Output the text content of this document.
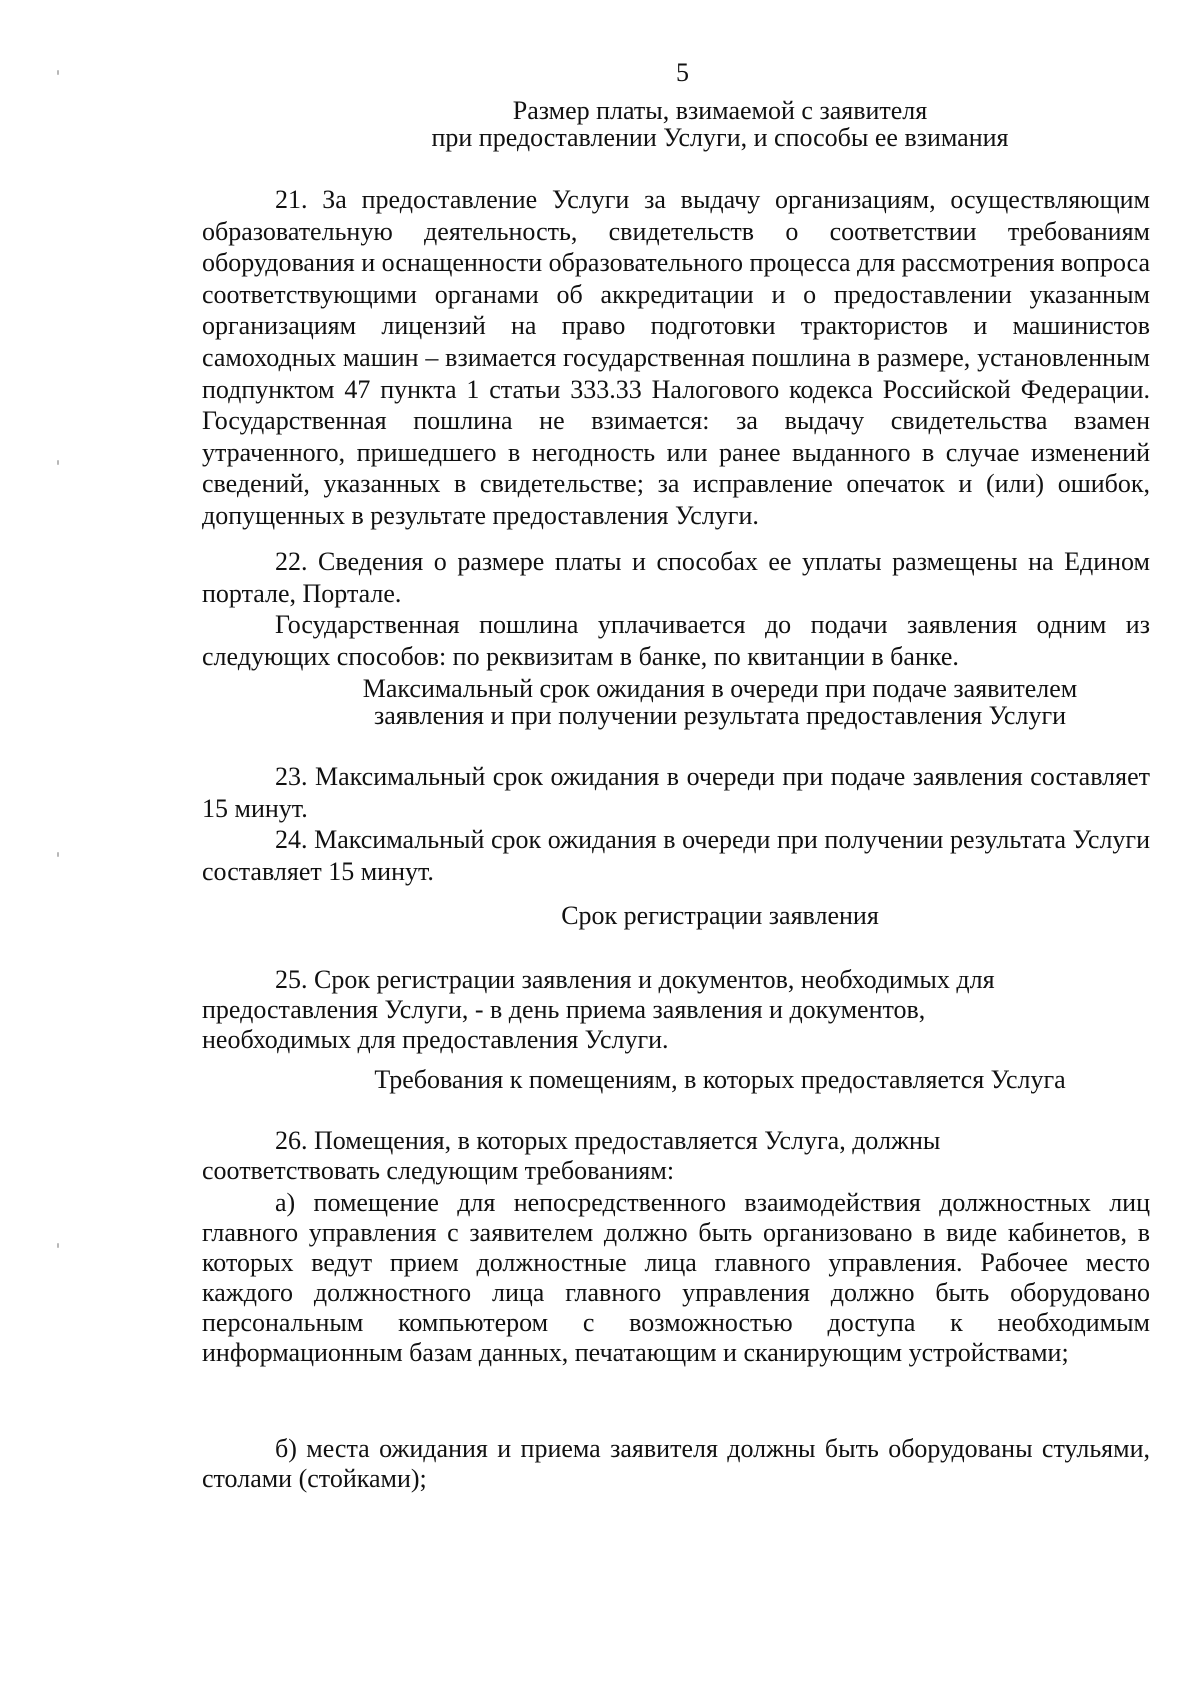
5
Размер платы, взимаемой с заявителя
при предоставлении Услуги, и способы ее взимания
21. За предоставление Услуги за выдачу организациям, осуществляющим образовательную деятельность, свидетельств о соответствии требованиям оборудования и оснащенности образовательного процесса для рассмотрения вопроса соответствующими органами об аккредитации и о предоставлении указанным организациям лицензий на право подготовки трактористов и машинистов самоходных машин – взимается государственная пошлина в размере, установленным подпунктом 47 пункта 1 статьи 333.33 Налогового кодекса Российской Федерации. Государственная пошлина не взимается: за выдачу свидетельства взамен утраченного, пришедшего в негодность или ранее выданного в случае изменений сведений, указанных в свидетельстве; за исправление опечаток и (или) ошибок, допущенных в результате предоставления Услуги.
22. Сведения о размере платы и способах ее уплаты размещены на Едином портале, Портале.
Государственная пошлина уплачивается до подачи заявления одним из следующих способов: по реквизитам в банке, по квитанции в банке.
Максимальный срок ожидания в очереди при подаче заявителем
заявления и при получении результата предоставления Услуги
23. Максимальный срок ожидания в очереди при подаче заявления составляет 15 минут.
24. Максимальный срок ожидания в очереди при получении результата Услуги составляет 15 минут.
Срок регистрации заявления
25. Срок регистрации заявления и документов, необходимых для
предоставления Услуги, - в день приема заявления и документов,
необходимых для предоставления Услуги.
Требования к помещениям, в которых предоставляется Услуга
26. Помещения, в которых предоставляется Услуга, должны
соответствовать следующим требованиям:
а) помещение для непосредственного взаимодействия должностных лиц главного управления с заявителем должно быть организовано в виде кабинетов, в которых ведут прием должностные лица главного управления. Рабочее место каждого должностного лица главного управления должно быть оборудовано персональным компьютером с возможностью доступа к необходимым информационным базам данных, печатающим и сканирующим устройствами;
б) места ожидания и приема заявителя должны быть оборудованы стульями, столами (стойками);
